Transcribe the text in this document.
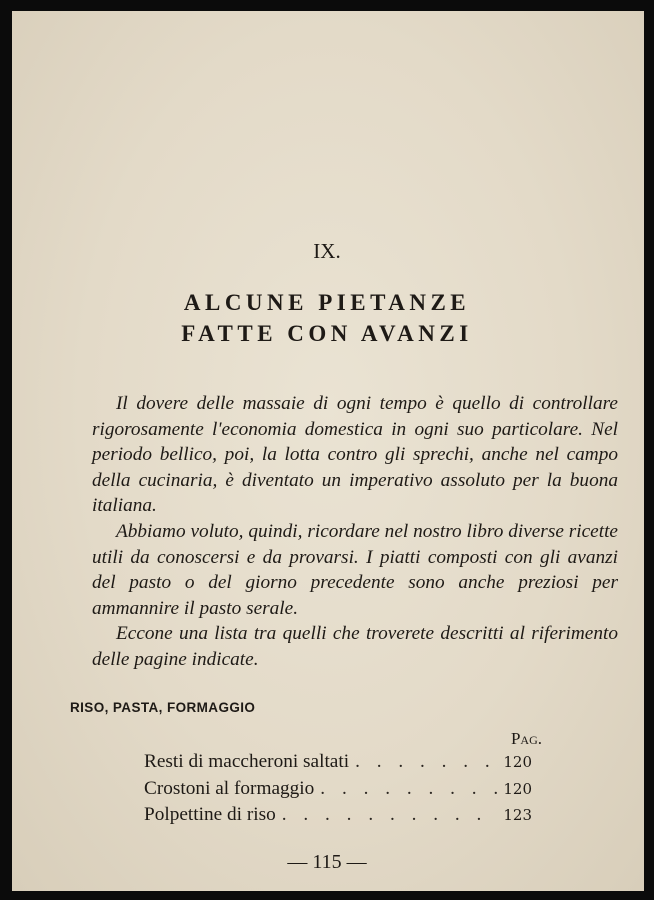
IX.
ALCUNE PIETANZE
FATTE CON AVANZI

Il dovere delle massaie di ogni tempo è quello di controllare rigorosamente l'economia domestica in ogni suo particolare. Nel periodo bellico, poi, la lotta contro gli sprechi, anche nel campo della cucinaria, è diventato un imperativo assoluto per la buona italiana.

Abbiamo voluto, quindi, ricordare nel nostro libro diverse ricette utili da conoscersi e da provarsi. I piatti composti con gli avanzi del pasto o del giorno precedente sono anche preziosi per ammannire il pasto serale.

Eccone una lista tra quelli che troverete descritti al riferimento delle pagine indicate.

RISO, PASTA, FORMAGGIO
Pag.
Resti di maccheroni saltati . . .	120
Crostoni al formaggio . . .	120
Polpettine di riso . . .	123
— 115 —
